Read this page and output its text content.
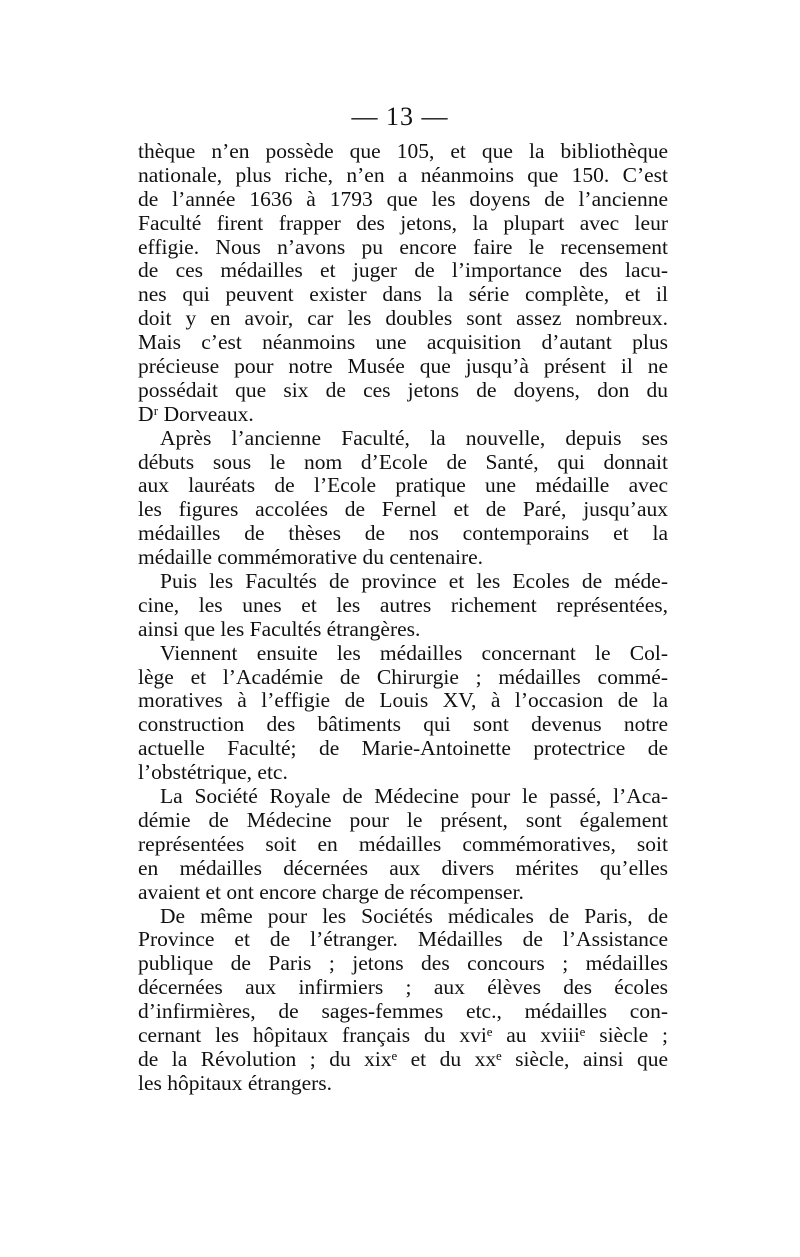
— 13 —
thèque n’en possède que 105, et que la bibliothèque
nationale, plus riche, n’en a néanmoins que 150. C’est
de l’année 1636 à 1793 que les doyens de l’ancienne
Faculté firent frapper des jetons, la plupart avec leur
effigie. Nous n’avons pu encore faire le recensement
de ces médailles et juger de l’importance des lacu-
nes qui peuvent exister dans la série complète, et il
doit y en avoir, car les doubles sont assez nombreux.
Mais c’est néanmoins une acquisition d’autant plus
précieuse pour notre Musée que jusqu’à présent il ne
possédait que six de ces jetons de doyens, don du
Dʳ Dorveaux.
Après l’ancienne Faculté, la nouvelle, depuis ses
débuts sous le nom d’Ecole de Santé, qui donnait
aux lauréats de l’Ecole pratique une médaille avec
les figures accolées de Fernel et de Paré, jusqu’aux
médailles de thèses de nos contemporains et la
médaille commémorative du centenaire.
Puis les Facultés de province et les Ecoles de méde-
cine, les unes et les autres richement représentées,
ainsi que les Facultés étrangères.
Viennent ensuite les médailles concernant le Col-
lège et l’Académie de Chirurgie ; médailles commé-
moratives à l’effigie de Louis XV, à l’occasion de la
construction des bâtiments qui sont devenus notre
actuelle Faculté; de Marie-Antoinette protectrice de
l’obstétrique, etc.
La Société Royale de Médecine pour le passé, l’Aca-
démie de Médecine pour le présent, sont également
représentées soit en médailles commémoratives, soit
en médailles décernées aux divers mérites qu’elles
avaient et ont encore charge de récompenser.
De même pour les Sociétés médicales de Paris, de
Province et de l’étranger. Médailles de l’Assistance
publique de Paris ; jetons des concours ; médailles
décernées aux infirmiers ; aux élèves des écoles
d’infirmières, de sages-femmes etc., médailles con-
cernant les hôpitaux français du xviᵉ au xviiiᵉ siècle ;
de la Révolution ; du xixᵉ et du xxᵉ siècle, ainsi que
les hôpitaux étrangers.
